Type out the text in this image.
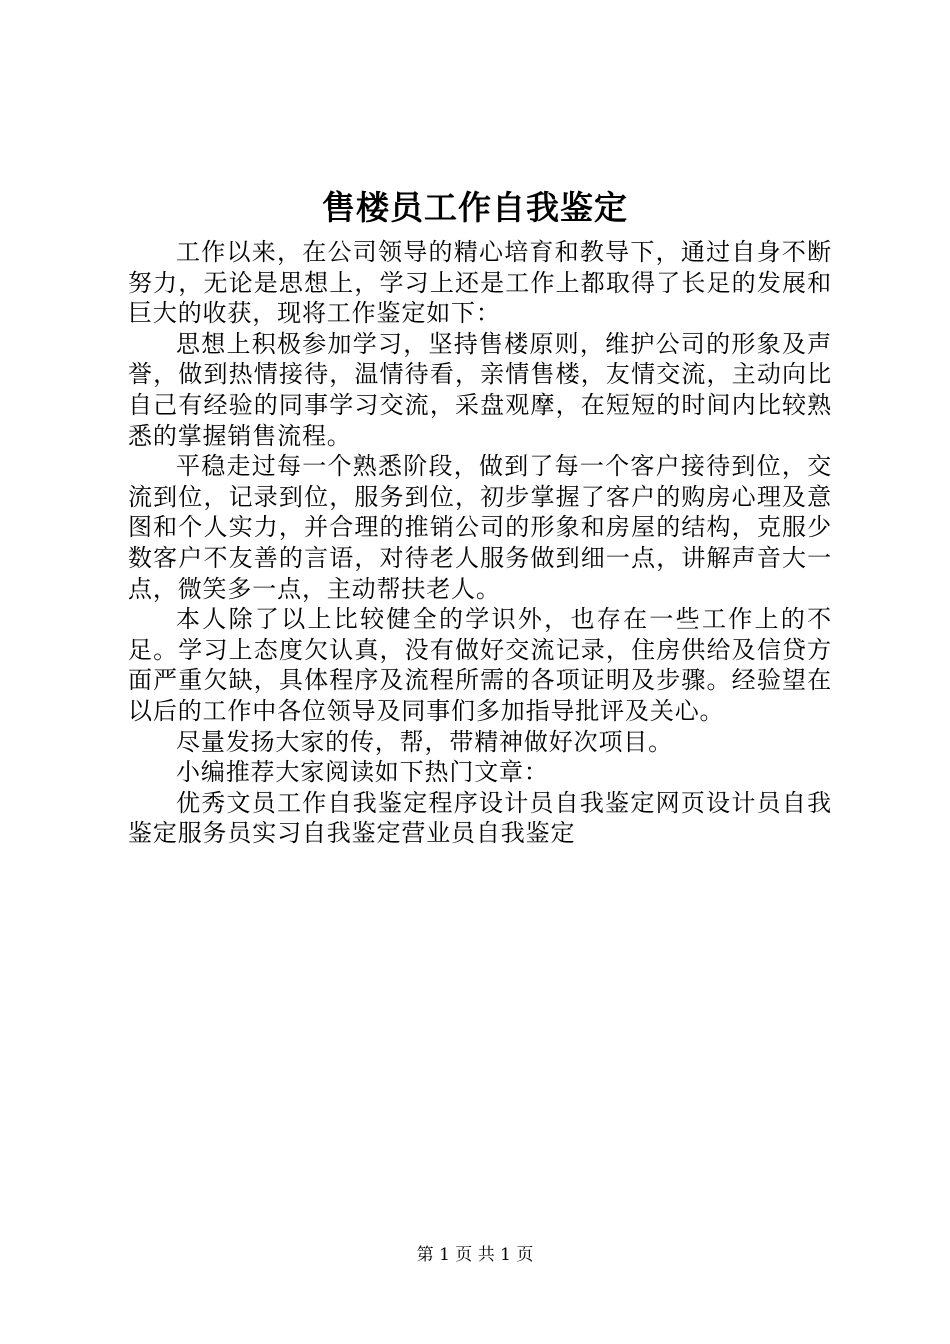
售楼员工作自我鉴定

工作以来，在公司领导的精心培育和教导下，通过自身不断努力，无论是思想上，学习上还是工作上都取得了长足的发展和巨大的收获，现将工作鉴定如下：

思想上积极参加学习，坚持售楼原则，维护公司的形象及声誉，做到热情接待，温情待看，亲情售楼，友情交流，主动向比自己有经验的同事学习交流，采盘观摩，在短短的时间内比较熟悉的掌握销售流程。

平稳走过每一个熟悉阶段，做到了每一个客户接待到位，交流到位，记录到位，服务到位，初步掌握了客户的购房心理及意图和个人实力，并合理的推销公司的形象和房屋的结构，克服少数客户不友善的言语，对待老人服务做到细一点，讲解声音大一点，微笑多一点，主动帮扶老人。

本人除了以上比较健全的学识外，也存在一些工作上的不足。学习上态度欠认真，没有做好交流记录，住房供给及信贷方面严重欠缺，具体程序及流程所需的各项证明及步骤。经验望在以后的工作中各位领导及同事们多加指导批评及关心。

尽量发扬大家的传，帮，带精神做好次项目。

小编推荐大家阅读如下热门文章：

优秀文员工作自我鉴定程序设计员自我鉴定网页设计员自我鉴定服务员实习自我鉴定营业员自我鉴定

第 1 页 共 1 页
